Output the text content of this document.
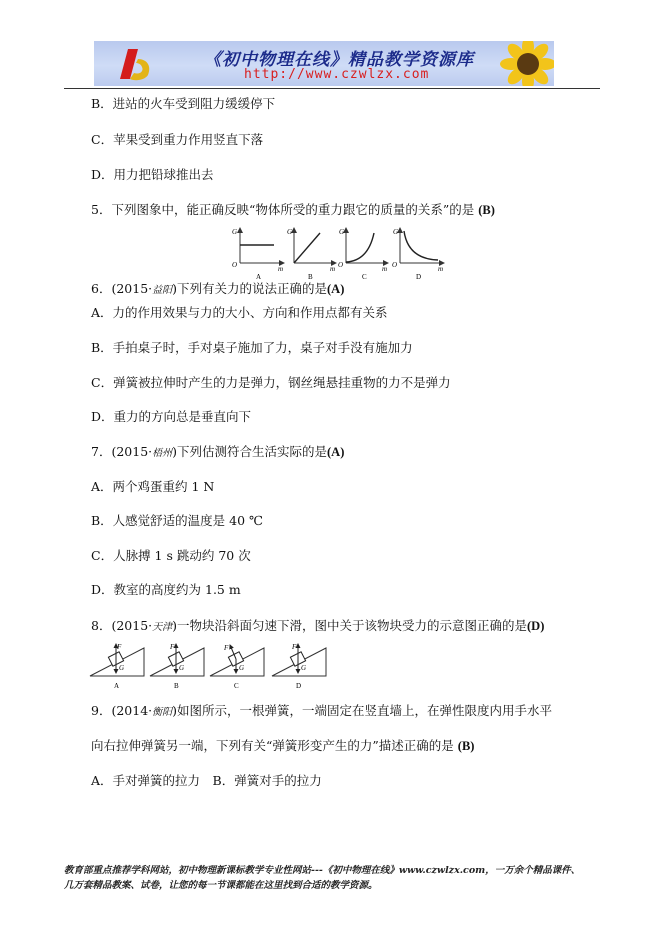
《初中物理在线》精品教学资源库
http://www.czwlzx.com
B．进站的火车受到阻力缓缓停下
C．苹果受到重力作用竖直下落
D．用力把铅球推出去
5．下列图象中，能正确反映“物体所受的重力跟它的质量的关系”的是 (B)
G
O	m
A
G
m
B
G
O	m
C
G
O	m
D
6．(2015·益阳)下列有关力的说法正确的是(A)
A．力的作用效果与力的大小、方向和作用点都有关系
B．手拍桌子时，手对桌子施加了力，桌子对手没有施加力
C．弹簧被拉伸时产生的力是弹力，钢丝绳悬挂重物的力不是弹力
D．重力的方向总是垂直向下
7．(2015·梧州)下列估测符合生活实际的是(A)
A．两个鸡蛋重约 1 N
B．人感觉舒适的温度是 40 ℃
C．人脉搏 1 s 跳动约 70 次
D．教室的高度约为 1.5 m
8．(2015·天津)一物块沿斜面匀速下滑，图中关于该物块受力的示意图正确的是(D)
F
G
A
F
G
B
F
G
C
F
G
D
9．(2014·衡阳)如图所示，一根弹簧，一端固定在竖直墙上，在弹性限度内用手水平
向右拉伸弹簧另一端，下列有关“弹簧形变产生的力”描述正确的是 (B)
A．手对弹簧的拉力　B．弹簧对手的拉力
教育部重点推荐学科网站，初中物理新课标教学专业性网站---《初中物理在线》www.czwlzx.com，一万余个精品课件、
几万套精品教案、试卷，让您的每一节课都能在这里找到合适的教学资源。
